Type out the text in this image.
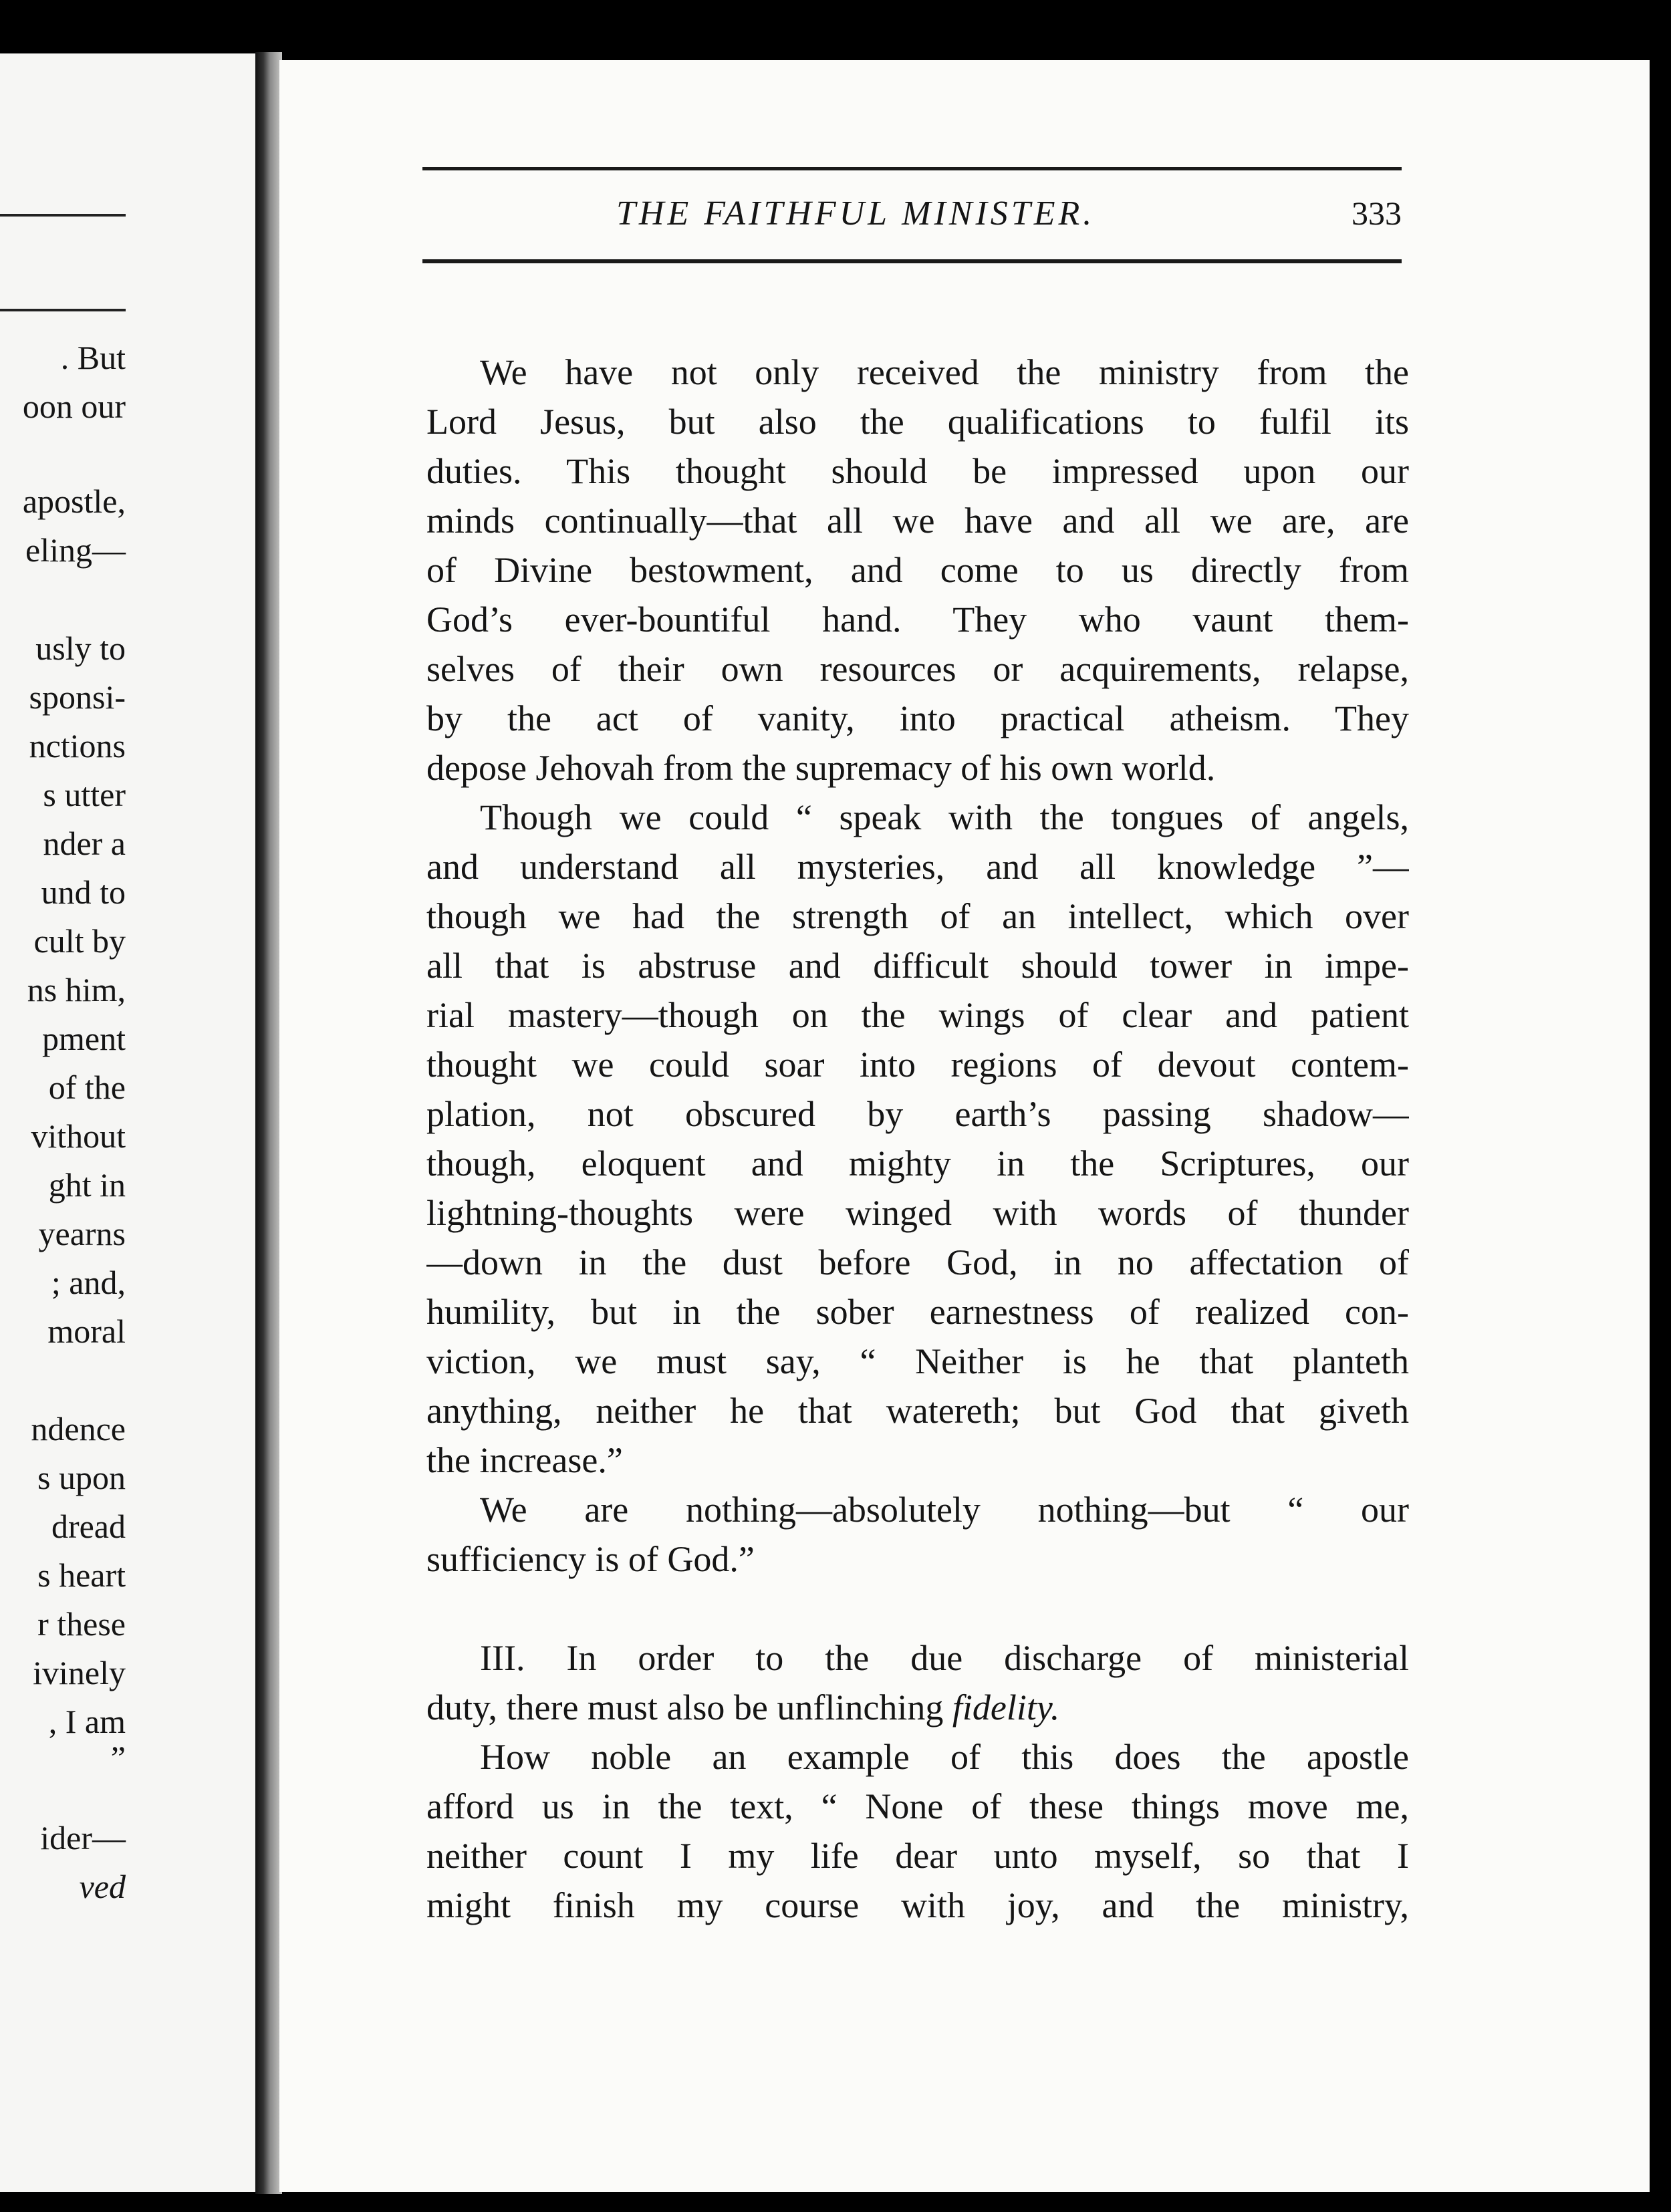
. But
oon our
apostle,
eling—
usly to
sponsi-
nctions
s utter
nder a
und to
cult by
ns him,
pment
of the
vithout
ght in
yearns
; and,
moral
ndence
s upon
dread
s heart
r these
ivinely
, I am
”
ider—
ved
THE FAITHFUL MINISTER.	333
We have not only received the ministry from the
Lord Jesus, but also the qualifications to fulfil its
duties. This thought should be impressed upon our
minds continually—that all we have and all we are, are
of Divine bestowment, and come to us directly from
God’s ever-bountiful hand. They who vaunt them-
selves of their own resources or acquirements, relapse,
by the act of vanity, into practical atheism. They
depose Jehovah from the supremacy of his own world.
Though we could “ speak with the tongues of angels,
and understand all mysteries, and all knowledge ”—
though we had the strength of an intellect, which over
all that is abstruse and difficult should tower in impe-
rial mastery—though on the wings of clear and patient
thought we could soar into regions of devout contem-
plation, not obscured by earth’s passing shadow—
though, eloquent and mighty in the Scriptures, our
lightning-thoughts were winged with words of thunder
—down in the dust before God, in no affectation of
humility, but in the sober earnestness of realized con-
viction, we must say, “ Neither is he that planteth
anything, neither he that watereth; but God that giveth
the increase.”
We are nothing—absolutely nothing—but “ our
sufficiency is of God.”
III. In order to the due discharge of ministerial
duty, there must also be unflinching fidelity.
How noble an example of this does the apostle
afford us in the text, “ None of these things move me,
neither count I my life dear unto myself, so that I
might finish my course with joy, and the ministry,
